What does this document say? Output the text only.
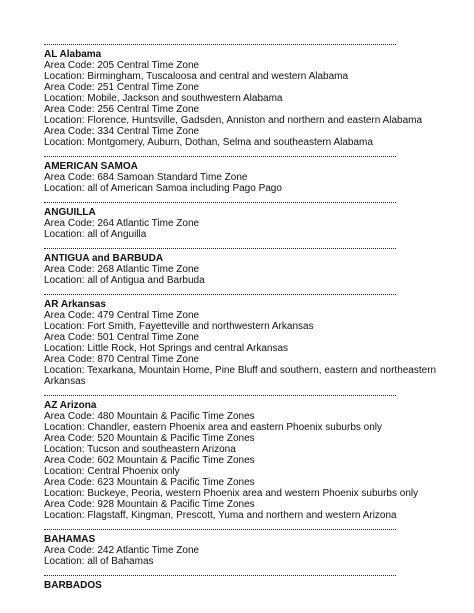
AL Alabama
Area Code: 205 Central Time Zone
Location: Birmingham, Tuscaloosa and central and western Alabama
Area Code: 251 Central Time Zone
Location: Mobile, Jackson and southwestern Alabama
Area Code: 256 Central Time Zone
Location: Florence, Huntsville, Gadsden, Anniston and northern and eastern Alabama
Area Code: 334 Central Time Zone
Location: Montgomery, Auburn, Dothan, Selma and southeastern Alabama
AMERICAN SAMOA
Area Code: 684 Samoan Standard Time Zone
Location: all of American Samoa including Pago Pago
ANGUILLA
Area Code: 264 Atlantic Time Zone
Location: all of Anguilla
ANTIGUA and BARBUDA
Area Code: 268 Atlantic Time Zone
Location: all of Antigua and Barbuda
AR Arkansas
Area Code: 479 Central Time Zone
Location: Fort Smith, Fayetteville and northwestern Arkansas
Area Code: 501 Central Time Zone
Location: Little Rock, Hot Springs and central Arkansas
Area Code: 870 Central Time Zone
Location: Texarkana, Mountain Home, Pine Bluff and southern, eastern and northeastern
Arkansas
AZ Arizona
Area Code: 480 Mountain & Pacific Time Zones
Location: Chandler, eastern Phoenix area and eastern Phoenix suburbs only
Area Code: 520 Mountain & Pacific Time Zones
Location: Tucson and southeastern Arizona
Area Code: 602 Mountain & Pacific Time Zones
Location: Central Phoenix only
Area Code: 623 Mountain & Pacific Time Zones
Location: Buckeye, Peoria, western Phoenix area and western Phoenix suburbs only
Area Code: 928 Mountain & Pacific Time Zones
Location: Flagstaff, Kingman, Prescott, Yuma and northern and western Arizona
BAHAMAS
Area Code: 242 Atlantic Time Zone
Location: all of Bahamas
BARBADOS
